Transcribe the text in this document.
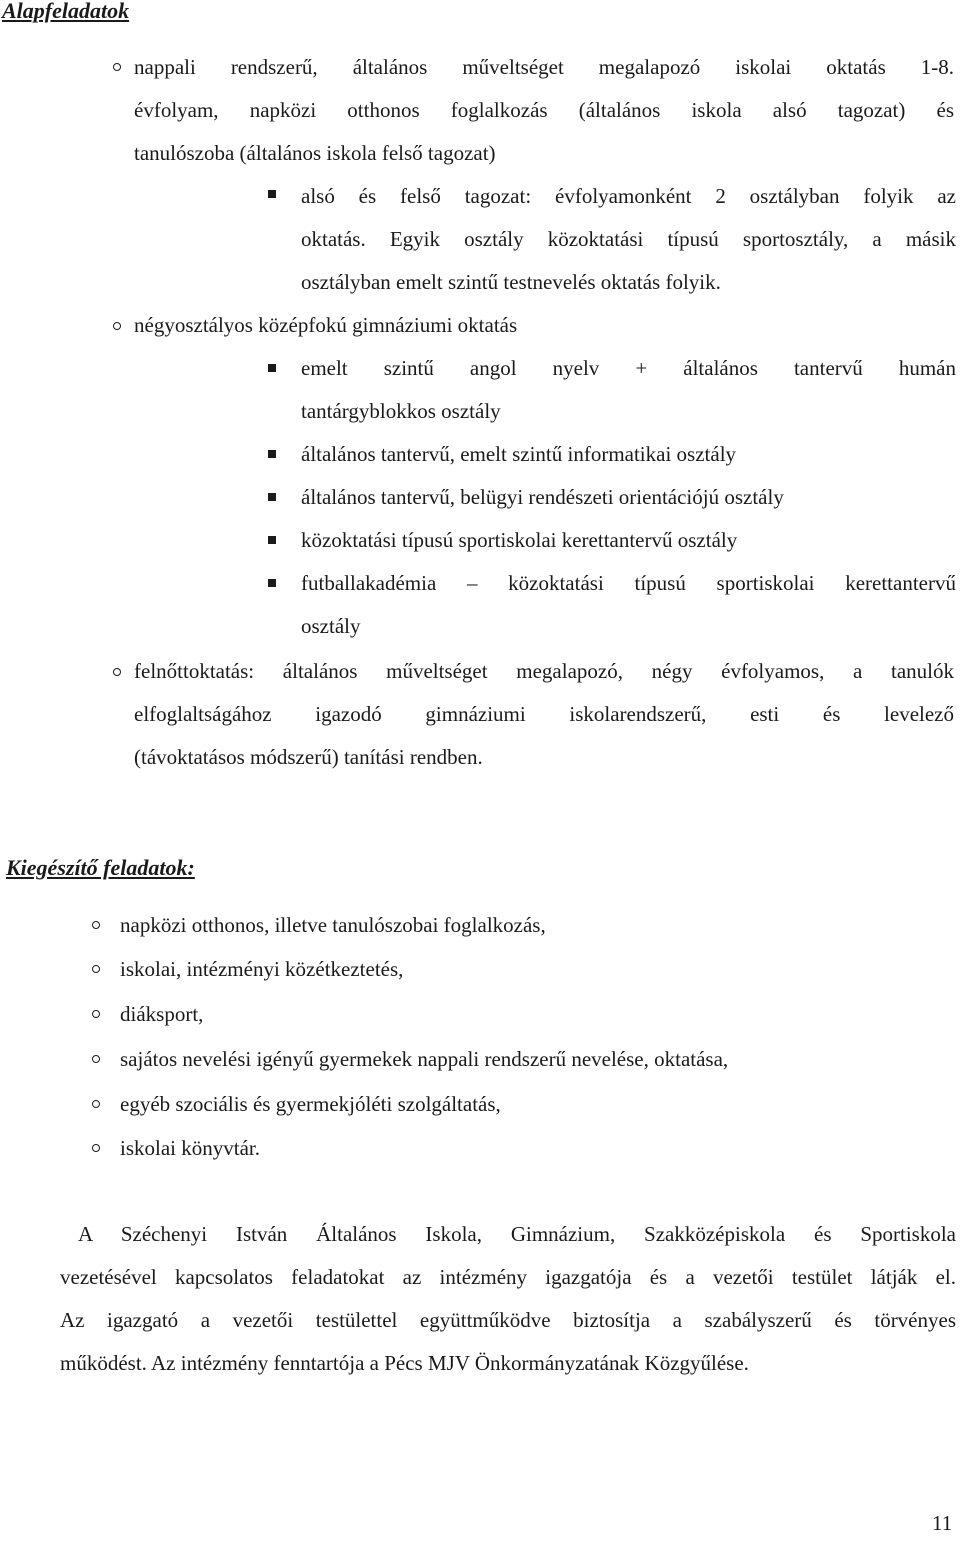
Alapfeladatok
nappali rendszerű, általános műveltséget megalapozó iskolai oktatás 1-8.
évfolyam, napközi otthonos foglalkozás (általános iskola alsó tagozat) és
tanulószoba (általános iskola felső tagozat)
alsó és felső tagozat: évfolyamonként 2 osztályban folyik az
oktatás. Egyik osztály közoktatási típusú sportosztály, a másik
osztályban emelt szintű testnevelés oktatás folyik.
négyosztályos középfokú gimnáziumi oktatás
emelt szintű angol nyelv + általános tantervű humán
tantárgyblokkos osztály
általános tantervű, emelt szintű informatikai osztály
általános tantervű, belügyi rendészeti orientációjú osztály
közoktatási típusú sportiskolai kerettantervű osztály
futballakadémia – közoktatási típusú sportiskolai kerettantervű
osztály
felnőttoktatás: általános műveltséget megalapozó, négy évfolyamos, a tanulók
elfoglaltságához igazodó gimnáziumi iskolarendszerű, esti és levelező
(távoktatásos módszerű) tanítási rendben.
Kiegészítő feladatok:
napközi otthonos, illetve tanulószobai foglalkozás,
iskolai, intézményi közétkeztetés,
diáksport,
sajátos nevelési igényű gyermekek nappali rendszerű nevelése, oktatása,
egyéb szociális és gyermekjóléti szolgáltatás,
iskolai könyvtár.
A Széchenyi István Általános Iskola, Gimnázium, Szakközépiskola és Sportiskola
vezetésével kapcsolatos feladatokat az intézmény igazgatója és a vezetői testület látják el.
Az igazgató a vezetői testülettel együttműködve biztosítja a szabályszerű és törvényes
működést. Az intézmény fenntartója a Pécs MJV Önkormányzatának Közgyűlése.
11
